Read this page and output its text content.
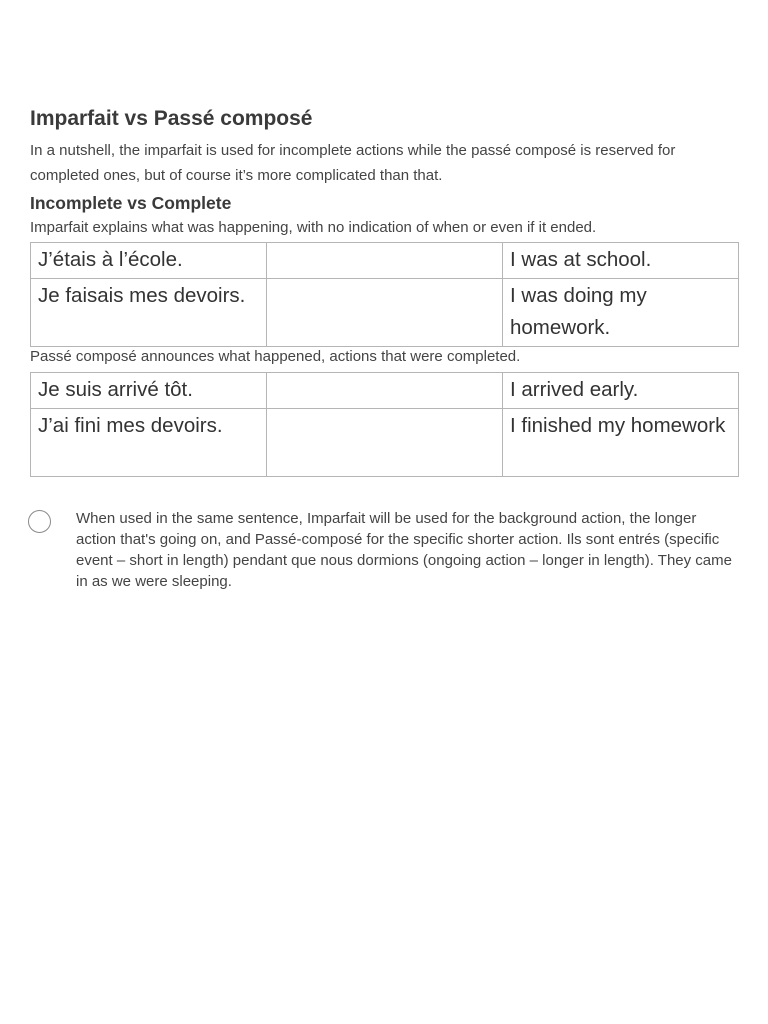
Imparfait vs Passé composé

In a nutshell, the imparfait is used for incomplete actions while the passé composé is reserved for completed ones, but of course it’s more complicated than that.

Incomplete vs Complete

Imparfait explains what was happening, with no indication of when or even if it ended.

J’étais à l’école.		I was at school.
Je faisais mes devoirs.		I was doing my homework.

Passé composé announces what happened, actions that were completed.

Je suis arrivé tôt.		I arrived early.
J’ai fini mes devoirs.		I finished my homework
When used in the same sentence, Imparfait will be used for the background action, the longer action that's going on, and Passé-composé for the specific shorter action. Ils sont entrés (specific event – short in length) pendant que nous dormions (ongoing action – longer in length). They came in as we were sleeping.
